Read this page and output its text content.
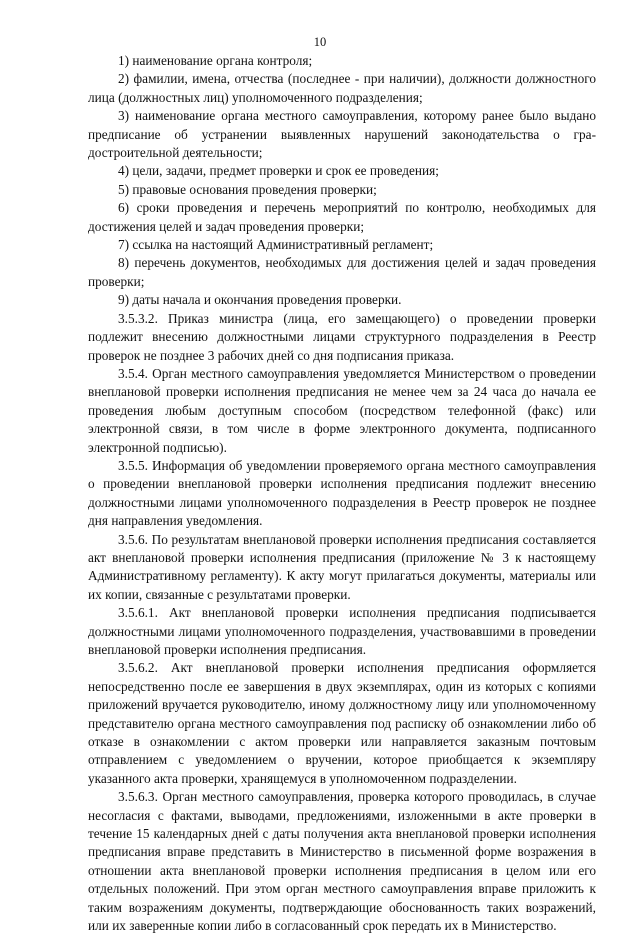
10

1) наименование органа контроля;

2) фамилии, имена, отчества (последнее - при наличии), должности должностного лица (должностных лиц) уполномоченного подразделения;

3) наименование органа местного самоуправления, которому ранее было выдано предписание об устранении выявленных нарушений законодательства о градостроительной деятельности;

4) цели, задачи, предмет проверки и срок ее проведения;

5) правовые основания проведения проверки;

6) сроки проведения и перечень мероприятий по контролю, необходимых для достижения целей и задач проведения проверки;

7) ссылка на настоящий Административный регламент;

8) перечень документов, необходимых для достижения целей и задач проведения проверки;

9) даты начала и окончания проведения проверки.

3.5.3.2. Приказ министра (лица, его замещающего) о проведении проверки подлежит внесению должностными лицами структурного подразделения в Реестр проверок не позднее 3 рабочих дней со дня подписания приказа.

3.5.4. Орган местного самоуправления уведомляется Министерством о проведении внеплановой проверки исполнения предписания не менее чем за 24 часа до начала ее проведения любым доступным способом (посредством телефонной (факс) или электронной связи, в том числе в форме электронного документа, подписанного электронной подписью).

3.5.5. Информация об уведомлении проверяемого органа местного самоуправления о проведении внеплановой проверки исполнения предписания подлежит внесению должностными лицами уполномоченного подразделения в Реестр проверок не позднее дня направления уведомления.

3.5.6. По результатам внеплановой проверки исполнения предписания составляется акт внеплановой проверки исполнения предписания (приложение № 3 к настоящему Административному регламенту). К акту могут прилагаться документы, материалы или их копии, связанные с результатами проверки.

3.5.6.1. Акт внеплановой проверки исполнения предписания подписывается должностными лицами уполномоченного подразделения, участвовавшими в проведении внеплановой проверки исполнения предписания.

3.5.6.2. Акт внеплановой проверки исполнения предписания оформляется непосредственно после ее завершения в двух экземплярах, один из которых с копиями приложений вручается руководителю, иному должностному лицу или уполномоченному представителю органа местного самоуправления под расписку об ознакомлении либо об отказе в ознакомлении с актом проверки или направляется заказным почтовым отправлением с уведомлением о вручении, которое приобщается к экземпляру указанного акта проверки, хранящемуся в уполномоченном подразделении.

3.5.6.3. Орган местного самоуправления, проверка которого проводилась, в случае несогласия с фактами, выводами, предложениями, изложенными в акте проверки в течение 15 календарных дней с даты получения акта внеплановой проверки исполнения предписания вправе представить в Министерство в письменной форме возражения в отношении акта внеплановой проверки исполнения предписания в целом или его отдельных положений. При этом орган местного самоуправления вправе приложить к таким возражениям документы, подтверждающие обоснованность таких возражений, или их заверенные копии либо в согласованный срок передать их в Министерство.
